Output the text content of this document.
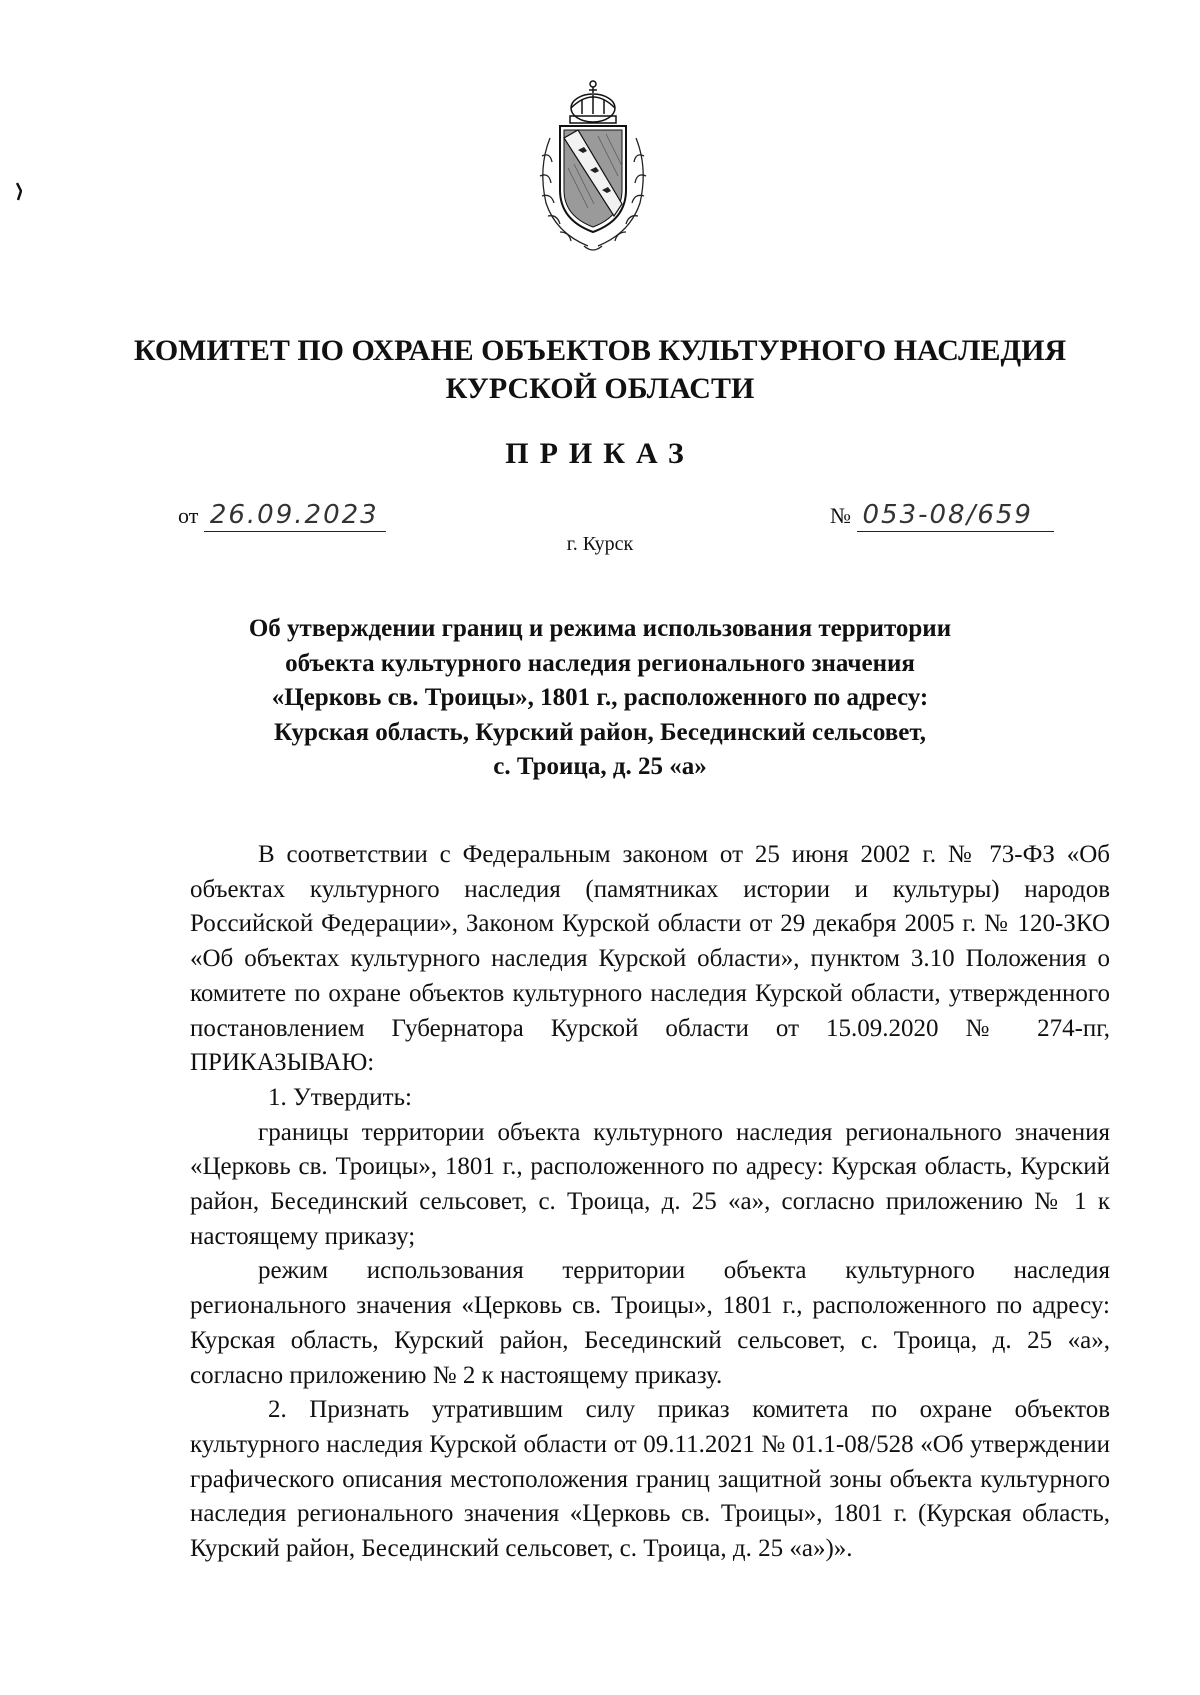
КОМИТЕТ ПО ОХРАНЕ ОБЪЕКТОВ КУЛЬТУРНОГО НАСЛЕДИЯ
КУРСКОЙ ОБЛАСТИ
ПРИКАЗ
от 26.09.2023	№ 053-08/659
г. Курск
Об утверждении границ и режима использования территории
объекта культурного наследия регионального значения
«Церковь св. Троицы», 1801 г., расположенного по адресу:
Курская область, Курский район, Бесединский сельсовет,
с. Троица, д. 25 «а»

В соответствии с Федеральным законом от 25 июня 2002 г. № 73-ФЗ «Об объектах культурного наследия (памятниках истории и культуры) народов Российской Федерации», Законом Курской области от 29 декабря 2005 г. № 120-ЗКО «Об объектах культурного наследия Курской области», пунктом 3.10 Положения о комитете по охране объектов культурного наследия Курской области, утвержденного постановлением Губернатора Курской области от 15.09.2020 № 274-пг, ПРИКАЗЫВАЮ:

1. Утвердить:

границы территории объекта культурного наследия регионального значения «Церковь св. Троицы», 1801 г., расположенного по адресу: Курская область, Курский район, Бесединский сельсовет, с. Троица, д. 25 «а», согласно приложению № 1 к настоящему приказу;

режим использования территории объекта культурного наследия регионального значения «Церковь св. Троицы», 1801 г., расположенного по адресу: Курская область, Курский район, Бесединский сельсовет, с. Троица, д. 25 «а», согласно приложению № 2 к настоящему приказу.

2. Признать утратившим силу приказ комитета по охране объектов культурного наследия Курской области от 09.11.2021 № 01.1-08/528 «Об утверждении графического описания местоположения границ защитной зоны объекта культурного наследия регионального значения «Церковь св. Троицы», 1801 г. (Курская область, Курский район, Бесединский сельсовет, с. Троица, д. 25 «а»)».
